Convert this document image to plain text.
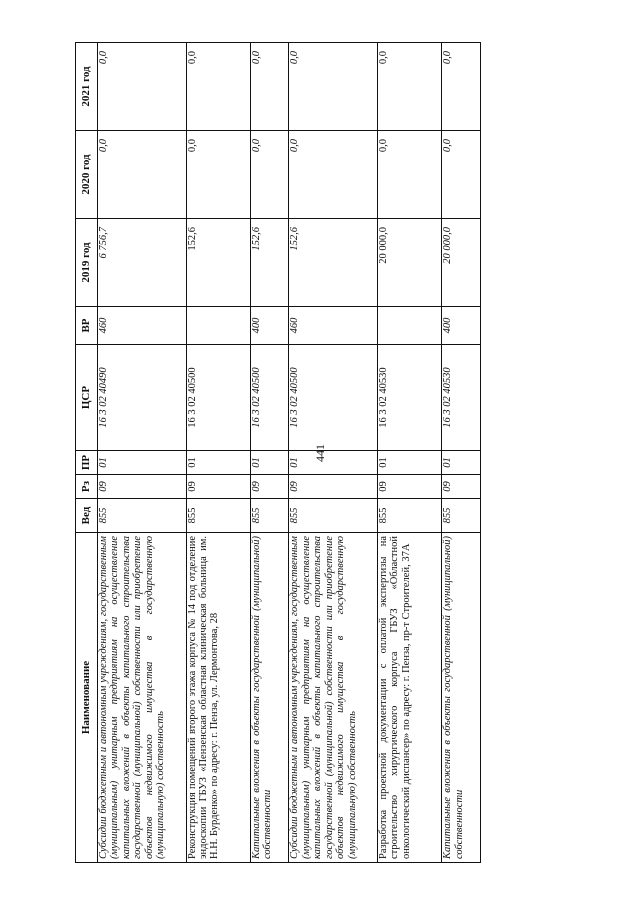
441
Наименование	Вед	Рз	ПР	ЦСР	ВР	2019 год	2020 год	2021 год
Субсидии бюджетным и автономным учреждениям, государственным (муниципальным) унитарным предприятиям на осуществление капитальных вложений в объекты капитального строительства государственной (муниципальной) собственности или приобретение объектов недвижимого имущества в государственную (муниципальную) собственность	855	09	01	16 3 02 40490	460	6 756,7	0,0	0,0
Реконструкция помещений второго этажа корпуса № 14 под отделение эндоскопии ГБУЗ «Пензенская областная клиническая больница им. Н.Н. Бурденко» по адресу: г. Пенза, ул. Лермонтова, 28	855	09	01	16 3 02 40500		152,6	0,0	0,0
Капитальные вложения в объекты государственной (муниципальной) собственности	855	09	01	16 3 02 40500	400	152,6	0,0	0,0
Субсидии бюджетным и автономным учреждениям, государственным (муниципальным) унитарным предприятиям на осуществление капитальных вложений в объекты капитального строительства государственной (муниципальной) собственности или приобретение объектов недвижимого имущества в государственную (муниципальную) собственность	855	09	01	16 3 02 40500	460	152,6	0,0	0,0
Разработка проектной документации с оплатой экспертизы на строительство хирургического корпуса ГБУЗ «Областной онкологический диспансер» по адресу: г. Пенза, пр-т Строителей, 37А	855	09	01	16 3 02 40530		20 000,0	0,0	0,0
Капитальные вложения в объекты государственной (муниципальной) собственности	855	09	01	16 3 02 40530	400	20 000,0	0,0	0,0
